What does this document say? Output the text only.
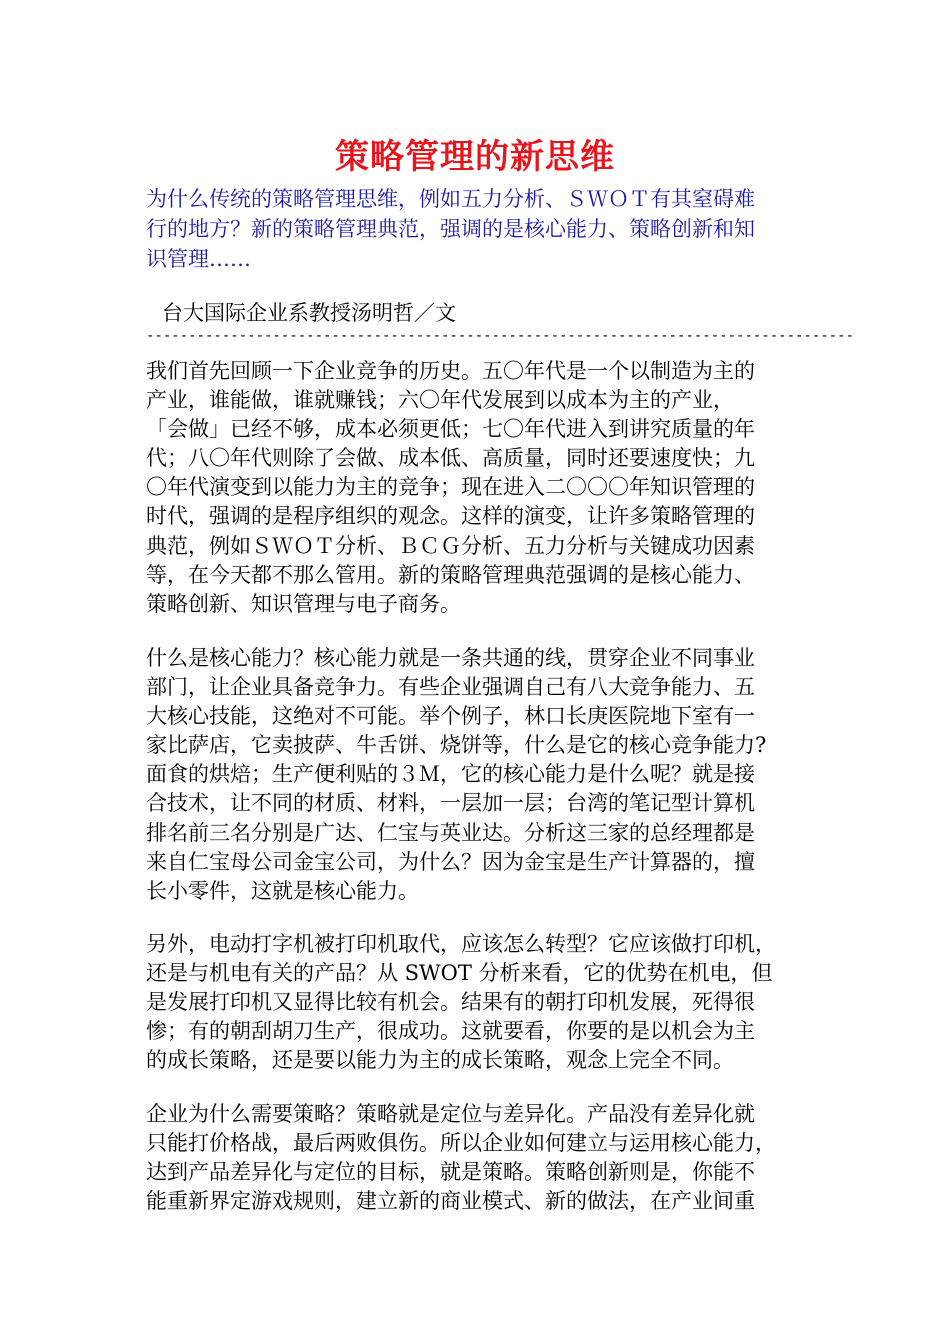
策略管理的新思维
为什么传统的策略管理思维，例如五力分析、ＳＷＯＴ有其窒碍难
行的地方？新的策略管理典范，强调的是核心能力、策略创新和知
识管理……
台大国际企业系教授汤明哲／文
------------------------------------------------------------------------------------
我们首先回顾一下企业竞争的历史。五〇年代是一个以制造为主的
产业，谁能做，谁就赚钱；六〇年代发展到以成本为主的产业，
「会做」已经不够，成本必须更低；七〇年代进入到讲究质量的年
代；八〇年代则除了会做、成本低、高质量，同时还要速度快；九
〇年代演变到以能力为主的竞争；现在进入二〇〇〇年知识管理的
时代，强调的是程序组织的观念。这样的演变，让许多策略管理的
典范，例如ＳＷＯＴ分析、ＢＣＧ分析、五力分析与关键成功因素
等，在今天都不那么管用。新的策略管理典范强调的是核心能力、
策略创新、知识管理与电子商务。
什么是核心能力？核心能力就是一条共通的线，贯穿企业不同事业
部门，让企业具备竞争力。有些企业强调自己有八大竞争能力、五
大核心技能，这绝对不可能。举个例子，林口长庚医院地下室有一
家比萨店，它卖披萨、牛舌饼、烧饼等，什么是它的核心竞争能力?
面食的烘焙；生产便利贴的３Ｍ，它的核心能力是什么呢？就是接
合技术，让不同的材质、材料，一层加一层；台湾的笔记型计算机
排名前三名分别是广达、仁宝与英业达。分析这三家的总经理都是
来自仁宝母公司金宝公司，为什么？因为金宝是生产计算器的，擅
长小零件，这就是核心能力。
另外，电动打字机被打印机取代，应该怎么转型？它应该做打印机，
还是与机电有关的产品？从 SWOT 分析来看，它的优势在机电，但
是发展打印机又显得比较有机会。结果有的朝打印机发展，死得很
惨；有的朝刮胡刀生产，很成功。这就要看，你要的是以机会为主
的成长策略，还是要以能力为主的成长策略，观念上完全不同。
企业为什么需要策略？策略就是定位与差异化。产品没有差异化就
只能打价格战，最后两败俱伤。所以企业如何建立与运用核心能力，
达到产品差异化与定位的目标，就是策略。策略创新则是，你能不
能重新界定游戏规则，建立新的商业模式、新的做法，在产业间重
